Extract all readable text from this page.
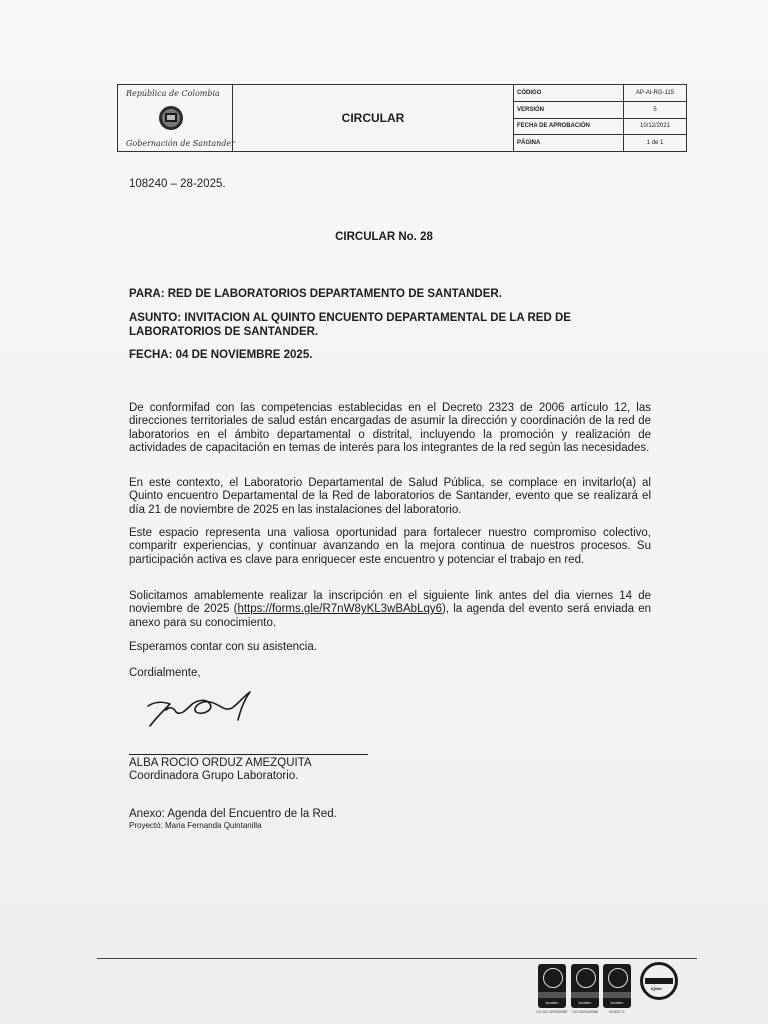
República de Colombia
Gobernación de Santander
CIRCULAR
CÓDIGO	AP-AI-RG-115
VERSIÓN	5
FECHA DE APROBACIÓN	10/12/2021
PÁGINA	1 de 1
108240 – 28-2025.
CIRCULAR No. 28
PARA: RED DE LABORATORIOS DEPARTAMENTO DE SANTANDER.
ASUNTO: INVITACION AL QUINTO ENCUENTO DEPARTAMENTAL DE LA RED DE
LABORATORIOS DE SANTANDER.
FECHA: 04 DE NOVIEMBRE 2025.
De conformifad con las competencias establecidas en el Decreto 2323 de 2006 artículo 12, las direcciones territoriales de salud están encargadas de asumir la dirección y coordinación de la red de laboratorios en el ámbito departamental o distrital, incluyendo la promoción y realización de actividades de capacitación en temas de interés para los integrantes de la red según las necesidades.
En este contexto, el Laboratorio Departamental de Salud Pública, se complace en invitarlo(a) al Quinto encuentro Departamental de la Red de laboratorios de Santander, evento que se realizará el día 21 de noviembre de 2025 en las instalaciones del laboratorio.
Este espacio representa una valiosa oportunidad para fortalecer nuestro compromiso colectivo, comparitr experiencias, y continuar avanzando en la mejora continua de nuestros procesos. Su participación activa es clave para enriquecer este encuentro y potenciar el trabajo en red.
Solicitamos amablemente realizar la inscripción en el siguiente link antes del dia viernes 14 de noviembre de 2025 (https://forms.gle/R7nW8yKL3wBAbLqy6), la agenda del evento será enviada en anexo para su conocimiento.
Esperamos contar con su asistencia.
Cordialmente,
ALBA ROCIO ORDUZ AMEZQUITA
Coordinadora Grupo Laboratorio.
Anexo: Agenda del Encuentro de la Red.
Proyectó: Maria Fernanda Quintanilla
icontec
CO-SA-CER440357
icontec
CO-CER440358
icontec
SC4317-1
IQNet
